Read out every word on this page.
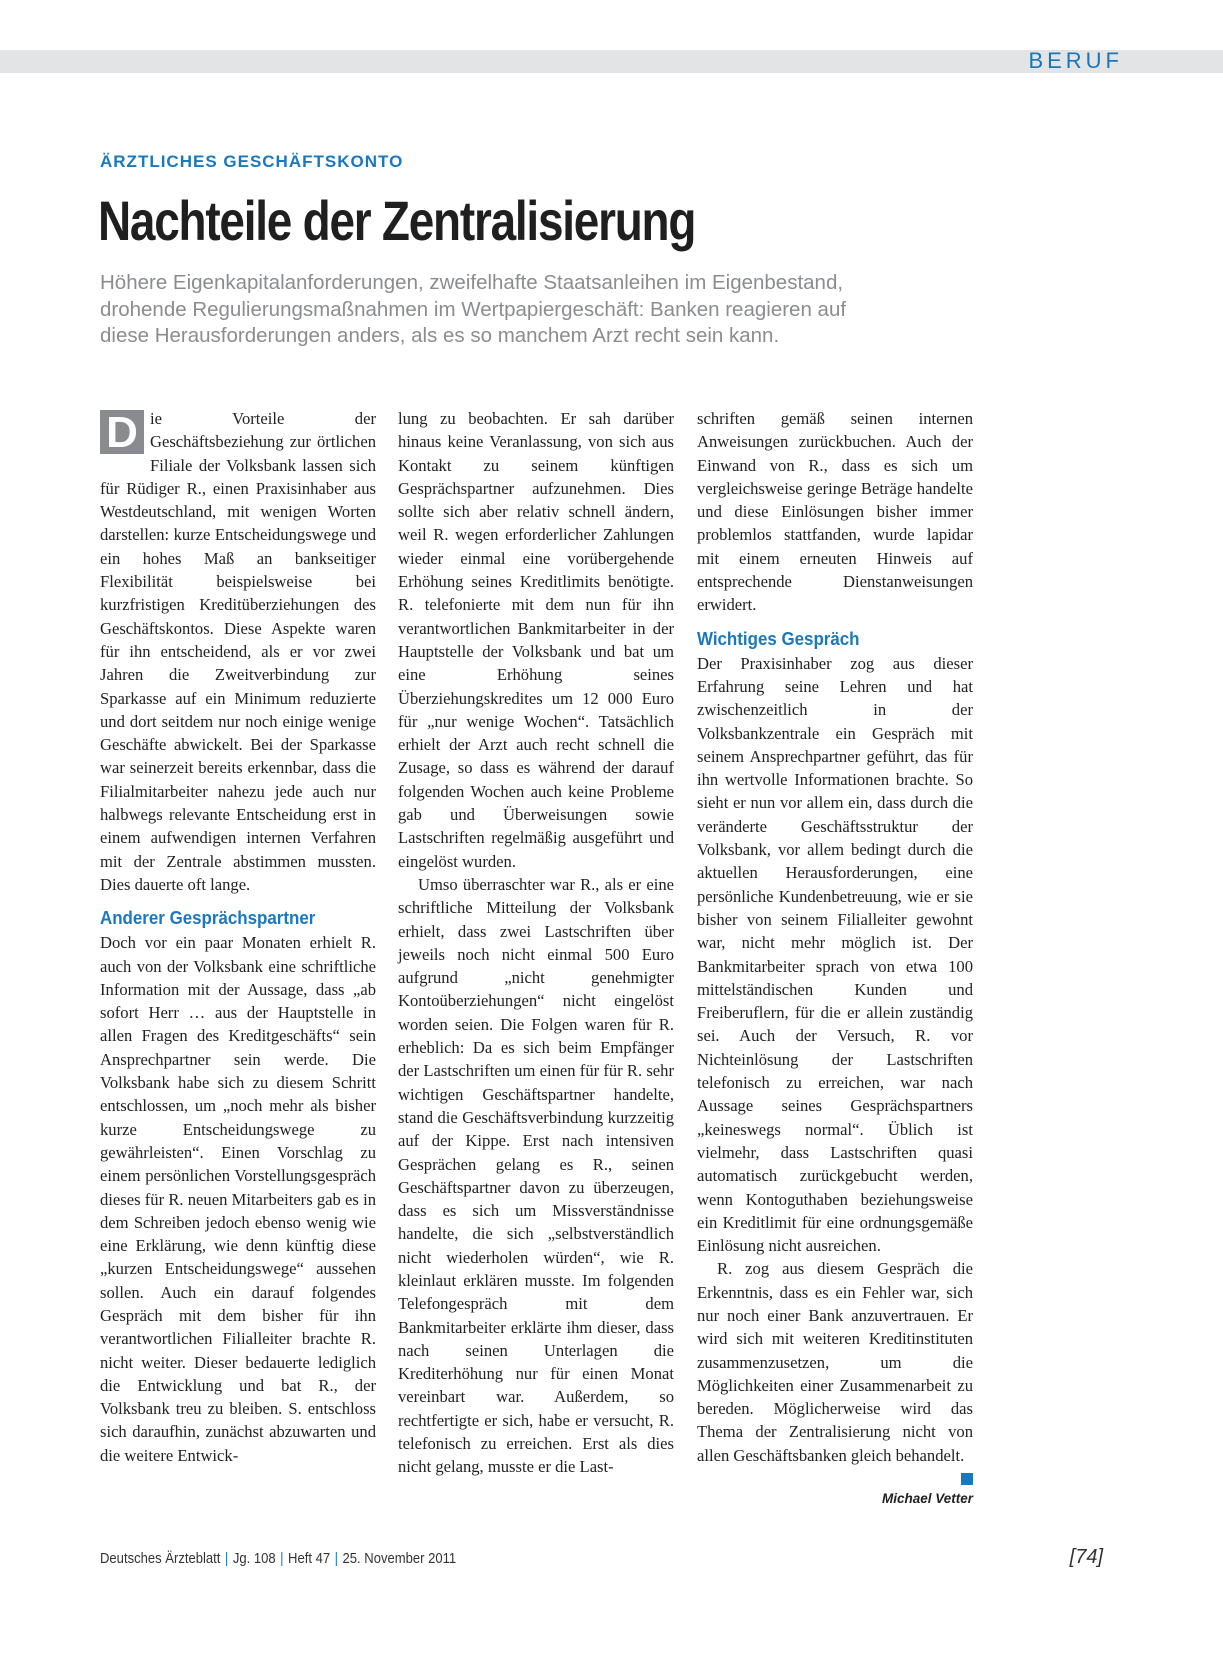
BERUF
ÄRZTLICHES GESCHÄFTSKONTO
Nachteile der Zentralisierung
Höhere Eigenkapitalanforderungen, zweifelhafte Staatsanleihen im Eigenbestand,
drohende Regulierungsmaßnahmen im Wertpapiergeschäft: Banken reagieren auf
diese Herausforderungen anders, als es so manchem Arzt recht sein kann.
D ie Vorteile der Geschäftsbeziehung zur örtlichen Filiale der Volksbank lassen sich für Rüdiger R., einen Praxisinhaber aus Westdeutschland, mit wenigen Worten darstellen: kurze Entscheidungswege und ein hohes Maß an bankseitiger Flexibilität beispielsweise bei kurzfristigen Kreditüberziehungen des Geschäftskontos. Diese Aspekte waren für ihn entscheidend, als er vor zwei Jahren die Zweitverbindung zur Sparkasse auf ein Minimum reduzierte und dort seitdem nur noch einige wenige Geschäfte abwickelt. Bei der Sparkasse war seinerzeit bereits erkennbar, dass die Filialmitarbeiter nahezu jede auch nur halbwegs relevante Entscheidung erst in einem aufwendigen internen Verfahren mit der Zentrale abstimmen mussten. Dies dauerte oft lange.

Anderer Gesprächspartner

Doch vor ein paar Monaten erhielt R. auch von der Volksbank eine schriftliche Information mit der Aussage, dass „ab sofort Herr … aus der Hauptstelle in allen Fragen des Kreditgeschäfts“ sein Ansprechpartner sein werde. Die Volksbank habe sich zu diesem Schritt entschlossen, um „noch mehr als bisher kurze Entscheidungswege zu gewährleisten“. Einen Vorschlag zu einem persönlichen Vorstellungsgespräch dieses für R. neuen Mitarbeiters gab es in dem Schreiben jedoch ebenso wenig wie eine Erklärung, wie denn künftig diese „kurzen Entscheidungswege“ aussehen sollen. Auch ein darauf folgendes Gespräch mit dem bisher für ihn verantwortlichen Filialleiter brachte R. nicht weiter. Dieser bedauerte lediglich die Entwicklung und bat R., der Volksbank treu zu bleiben. S. entschloss sich daraufhin, zunächst abzuwarten und die weitere Entwick-

lung zu beobachten. Er sah darüber hinaus keine Veranlassung, von sich aus Kontakt zu seinem künftigen Gesprächspartner aufzunehmen. Dies sollte sich aber relativ schnell ändern, weil R. wegen erforderlicher Zahlungen wieder einmal eine vorübergehende Erhöhung seines Kreditlimits benötigte. R. telefonierte mit dem nun für ihn verantwortlichen Bankmitarbeiter in der Hauptstelle der Volksbank und bat um eine Erhöhung seines Überziehungskredites um 12 000 Euro für „nur wenige Wochen“. Tatsächlich erhielt der Arzt auch recht schnell die Zusage, so dass es während der darauf folgenden Wochen auch keine Probleme gab und Überweisungen sowie Lastschriften regelmäßig ausgeführt und eingelöst wurden.

Umso überraschter war R., als er eine schriftliche Mitteilung der Volksbank erhielt, dass zwei Lastschriften über jeweils noch nicht einmal 500 Euro aufgrund „nicht genehmigter Kontoüberziehungen“ nicht eingelöst worden seien. Die Folgen waren für R. erheblich: Da es sich beim Empfänger der Lastschriften um einen für für R. sehr wichtigen Geschäftspartner handelte, stand die Geschäftsverbindung kurzzeitig auf der Kippe. Erst nach intensiven Gesprächen gelang es R., seinen Geschäftspartner davon zu überzeugen, dass es sich um Missverständnisse handelte, die sich „selbstverständlich nicht wiederholen würden“, wie R. kleinlaut erklären musste. Im folgenden Telefongespräch mit dem Bankmitarbeiter erklärte ihm dieser, dass nach seinen Unterlagen die Krediterhöhung nur für einen Monat vereinbart war. Außerdem, so rechtfertigte er sich, habe er versucht, R. telefonisch zu erreichen. Erst als dies nicht gelang, musste er die Last-

schriften gemäß seinen internen Anweisungen zurückbuchen. Auch der Einwand von R., dass es sich um vergleichsweise geringe Beträge handelte und diese Einlösungen bisher immer problemlos stattfanden, wurde lapidar mit einem erneuten Hinweis auf entsprechende Dienstanweisungen erwidert.

Wichtiges Gespräch

Der Praxisinhaber zog aus dieser Erfahrung seine Lehren und hat zwischenzeitlich in der Volksbankzentrale ein Gespräch mit seinem Ansprechpartner geführt, das für ihn wertvolle Informationen brachte. So sieht er nun vor allem ein, dass durch die veränderte Geschäftsstruktur der Volksbank, vor allem bedingt durch die aktuellen Herausforderungen, eine persönliche Kundenbetreuung, wie er sie bisher von seinem Filialleiter gewohnt war, nicht mehr möglich ist. Der Bankmitarbeiter sprach von etwa 100 mittelständischen Kunden und Freiberuflern, für die er allein zuständig sei. Auch der Versuch, R. vor Nichteinlösung der Lastschriften telefonisch zu erreichen, war nach Aussage seines Gesprächspartners „keineswegs normal“. Üblich ist vielmehr, dass Lastschriften quasi automatisch zurückgebucht werden, wenn Kontoguthaben beziehungsweise ein Kreditlimit für eine ordnungsgemäße Einlösung nicht ausreichen.

R. zog aus diesem Gespräch die Erkenntnis, dass es ein Fehler war, sich nur noch einer Bank anzuvertrauen. Er wird sich mit weiteren Kreditinstituten zusammenzusetzen, um die Möglichkeiten einer Zusammenarbeit zu bereden. Möglicherweise wird das Thema der Zentralisierung nicht von allen Geschäftsbanken gleich behandelt.

Michael Vetter
Deutsches Ärzteblatt | Jg. 108 | Heft 47 | 25. November 2011	[74]
